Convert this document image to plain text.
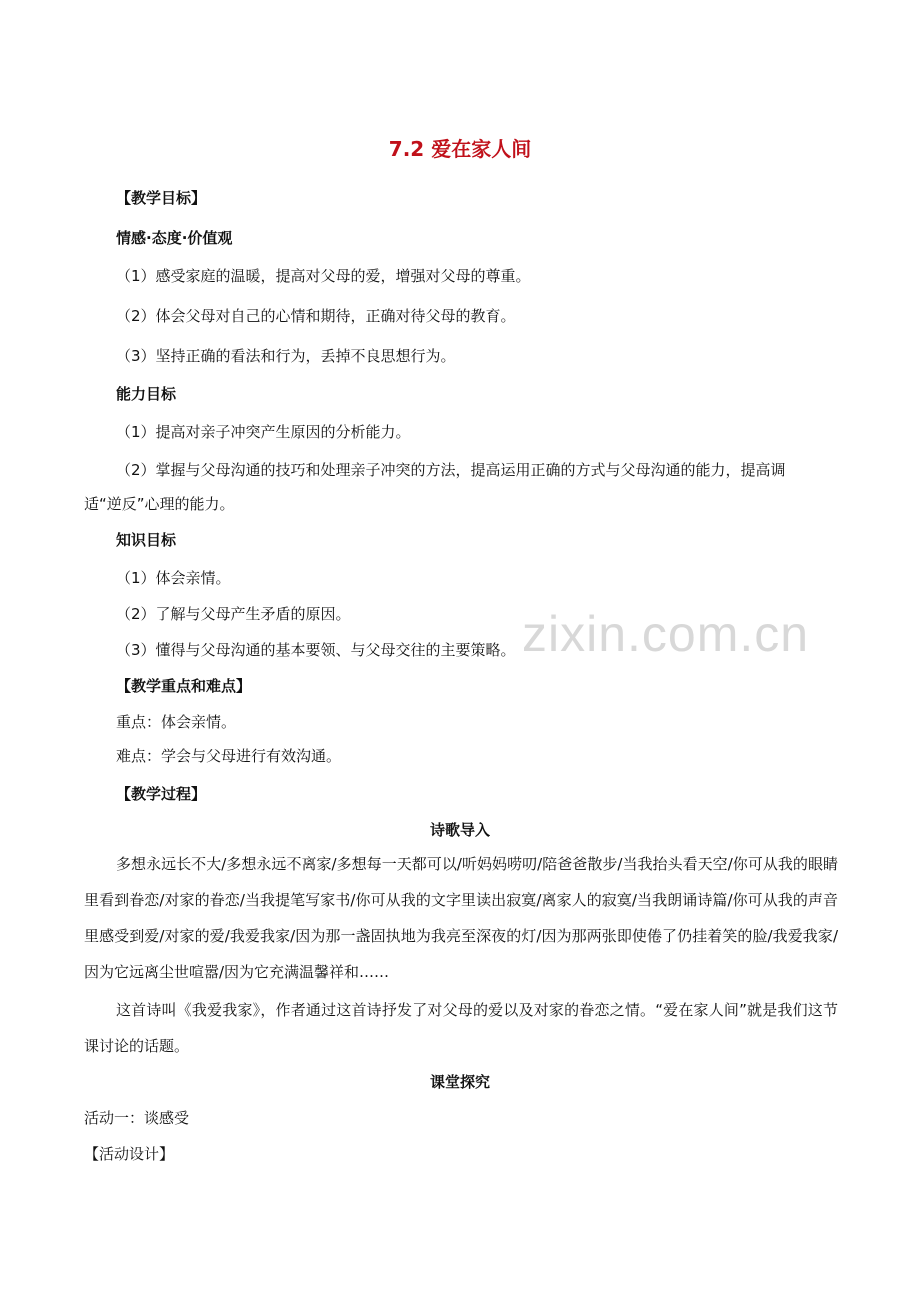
7.2 爱在家人间
【教学目标】
情感·态度·价值观
（1）感受家庭的温暖，提高对父母的爱，增强对父母的尊重。
（2）体会父母对自己的心情和期待，正确对待父母的教育。
（3）坚持正确的看法和行为，丢掉不良思想行为。
能力目标
（1）提高对亲子冲突产生原因的分析能力。
（2）掌握与父母沟通的技巧和处理亲子冲突的方法，提高运用正确的方式与父母沟通的能力，提高调
适“逆反”心理的能力。
知识目标
（1）体会亲情。
（2）了解与父母产生矛盾的原因。
（3）懂得与父母沟通的基本要领、与父母交往的主要策略。
【教学重点和难点】
重点：体会亲情。
难点：学会与父母进行有效沟通。
【教学过程】
诗歌导入
多想永远长不大/多想永远不离家/多想每一天都可以/听妈妈唠叨/陪爸爸散步/当我抬头看天空/你可从我的眼睛里看到眷恋/对家的眷恋/当我提笔写家书/你可从我的文字里读出寂寞/离家人的寂寞/当我朗诵诗篇/你可从我的声音里感受到爱/对家的爱/我爱我家/因为那一盏固执地为我亮至深夜的灯/因为那两张即使倦了仍挂着笑的脸/我爱我家/因为它远离尘世喧嚣/因为它充满温馨祥和……
这首诗叫《我爱我家》，作者通过这首诗抒发了对父母的爱以及对家的眷恋之情。“爱在家人间”就是我们这节课讨论的话题。
课堂探究
活动一：谈感受
【活动设计】
zixin.com.cn
